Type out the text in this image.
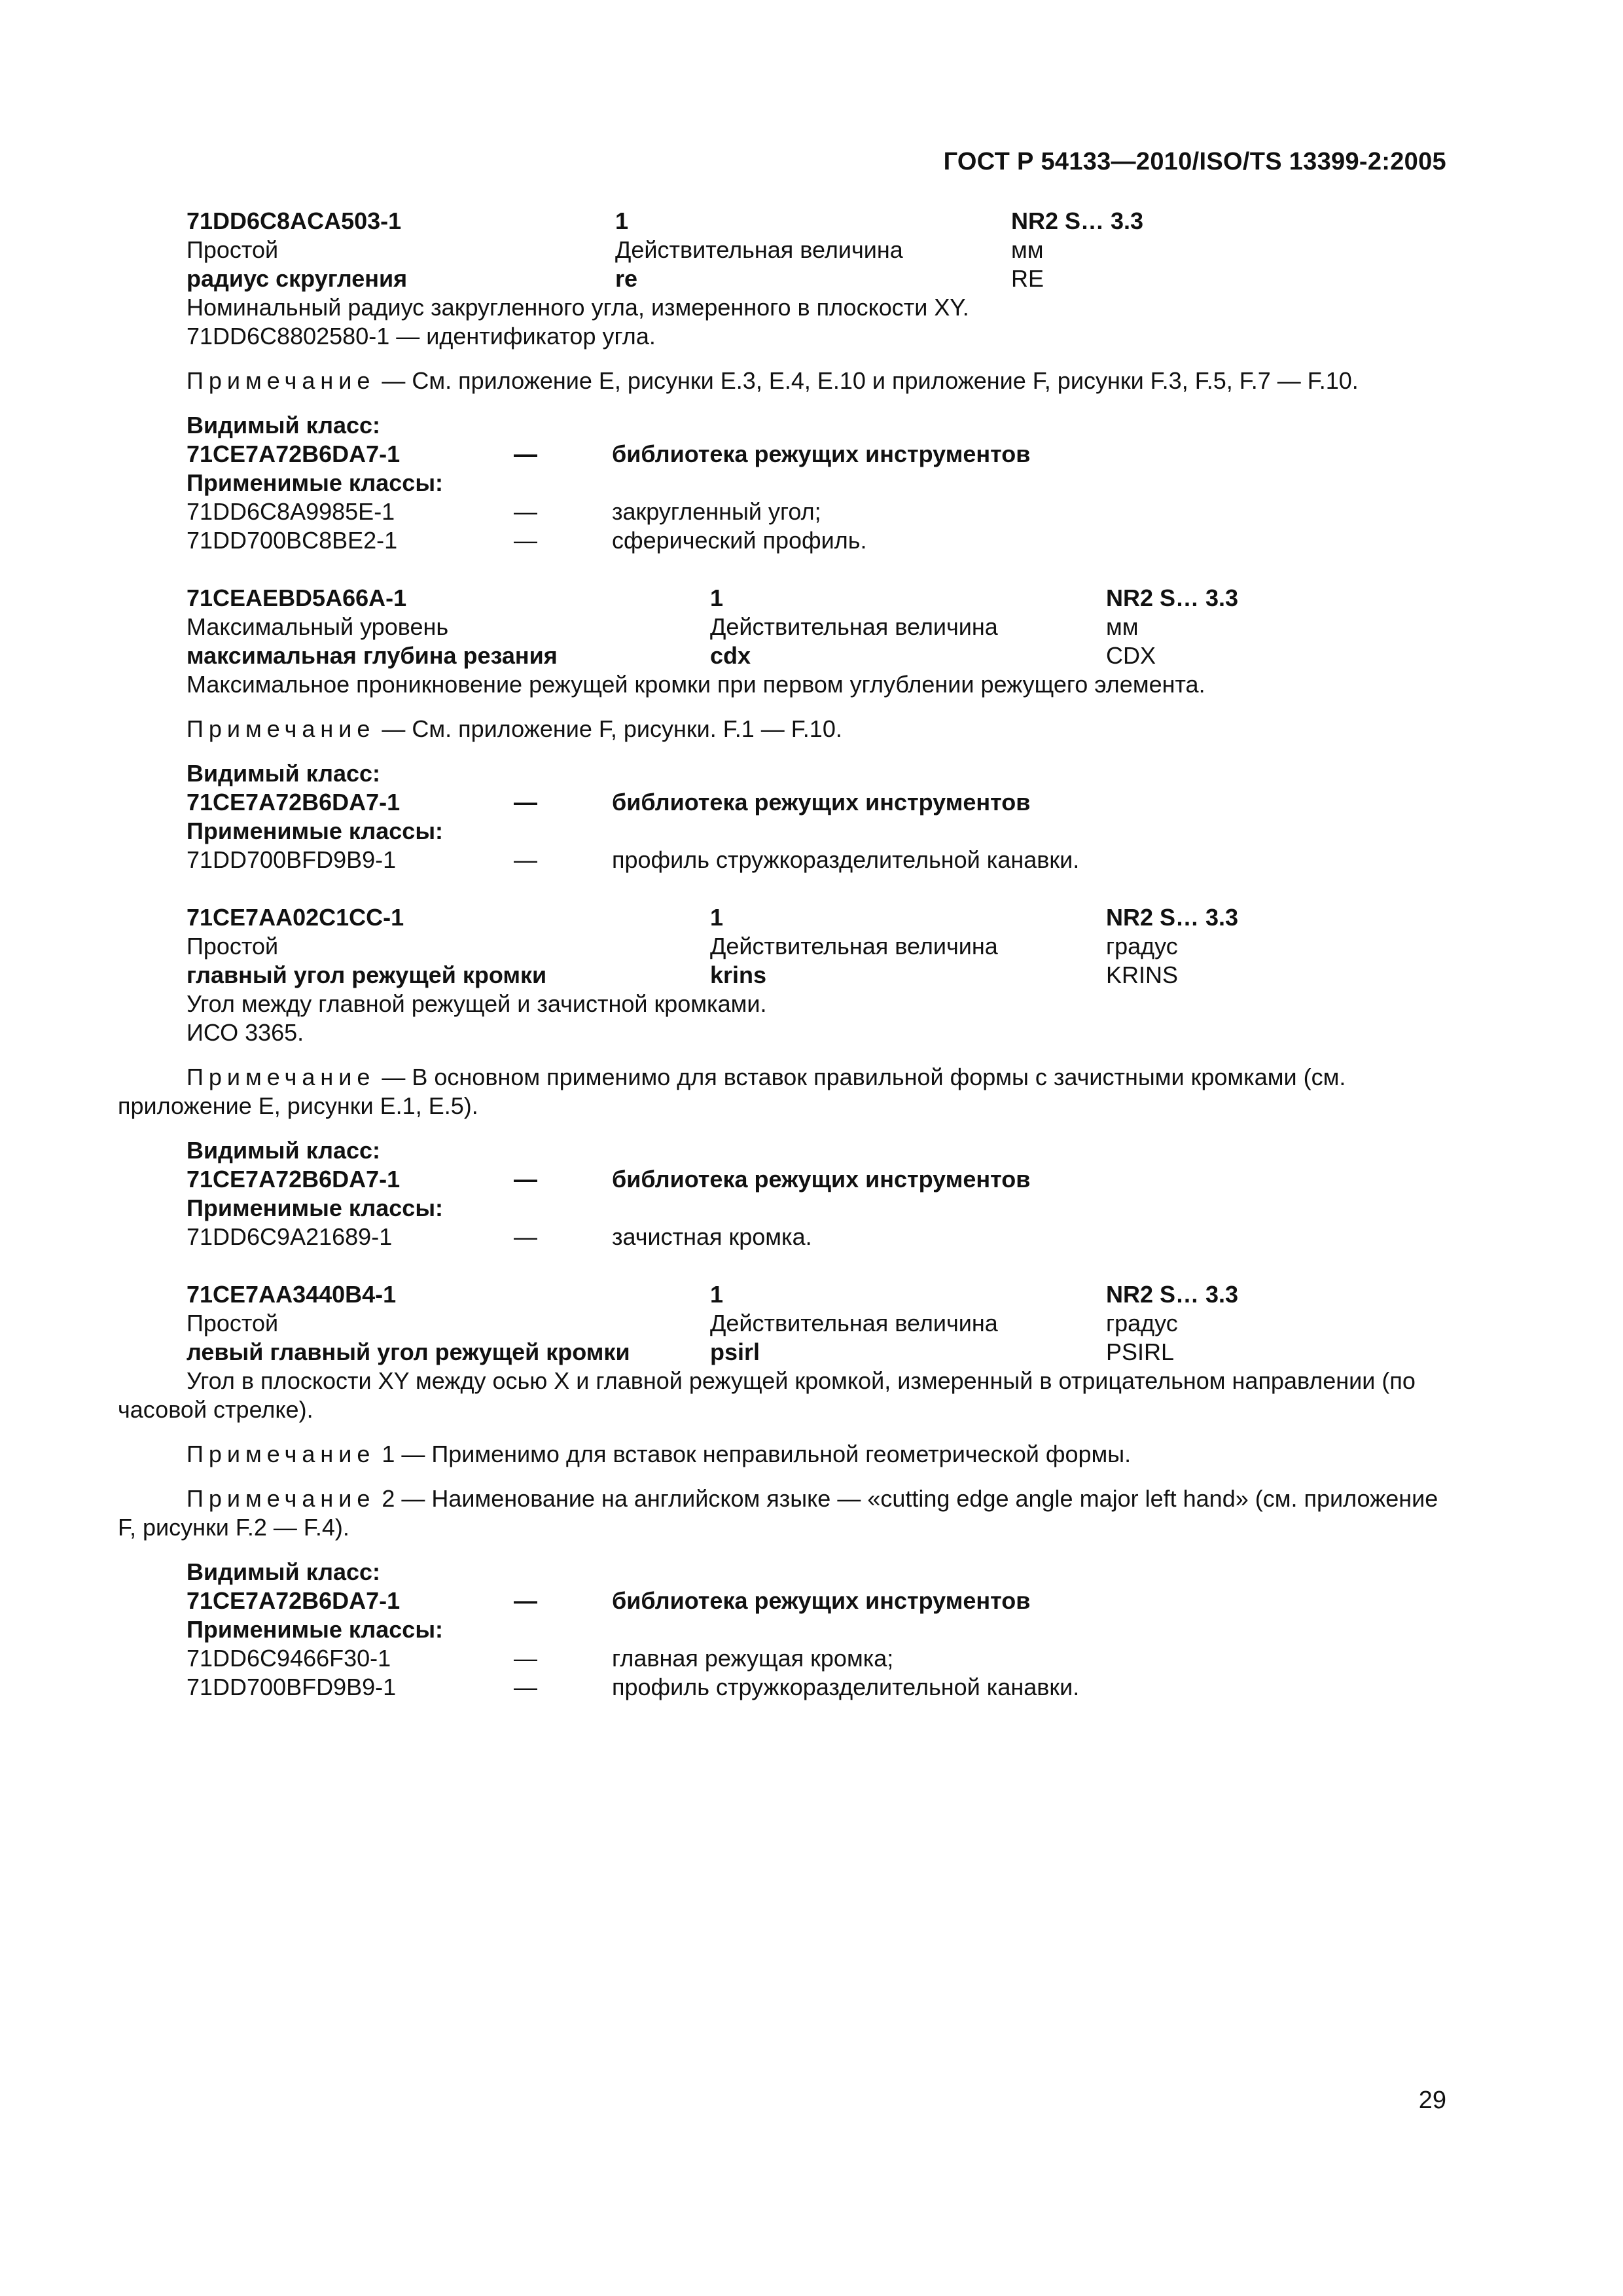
ГОСТ Р 54133—2010/ISO/TS 13399-2:2005
71DD6C8ACA503-1	1	NR2 S… 3.3
Простой	Действительная величина	мм
радиус скругления	re	RE
Номинальный радиус закругленного угла, измеренного в плоскости XY.
71DD6C8802580-1 — идентификатор угла.

Примечание — См. приложение E, рисунки E.3, E.4, E.10 и приложение F, рисунки F.3, F.5, F.7 — F.10.

Видимый класс:
71CE7A72B6DA7-1	—	библиотека режущих инструментов
Применимые классы:
71DD6C8A9985E-1	—	закругленный угол;
71DD700BC8BE2-1	—	сферический профиль.
71CEAEBD5A66A-1	1	NR2 S… 3.3
Максимальный уровень	Действительная величина	мм
максимальная глубина резания	cdx	CDX
Максимальное проникновение режущей кромки при первом углублении режущего элемента.

Примечание — См. приложение F, рисунки. F.1 — F.10.

Видимый класс:
71CE7A72B6DA7-1	—	библиотека режущих инструментов
Применимые классы:
71DD700BFD9B9-1	—	профиль стружкоразделительной канавки.
71CE7AA02C1CC-1	1	NR2 S… 3.3
Простой	Действительная величина	градус
главный угол режущей кромки	krins	KRINS
Угол между главной режущей и зачистной кромками.
ИСО 3365.

Примечание — В основном применимо для вставок правильной формы с зачистными кромками (см. приложение E, рисунки E.1, E.5).

Видимый класс:
71CE7A72B6DA7-1	—	библиотека режущих инструментов
Применимые классы:
71DD6C9A21689-1	—	зачистная кромка.
71CE7AA3440B4-1	1	NR2 S… 3.3
Простой	Действительная величина	градус
левый главный угол режущей кромки	psirl	PSIRL
Угол в плоскости XY между осью X и главной режущей кромкой, измеренный в отрицательном направлении (по часовой стрелке).

Примечание 1 — Применимо для вставок неправильной геометрической формы.

Примечание 2 — Наименование на английском языке — «cutting edge angle major left hand» (см. приложение F, рисунки F.2 — F.4).

Видимый класс:
71CE7A72B6DA7-1	—	библиотека режущих инструментов
Применимые классы:
71DD6C9466F30-1	—	главная режущая кромка;
71DD700BFD9B9-1	—	профиль стружкоразделительной канавки.
29
